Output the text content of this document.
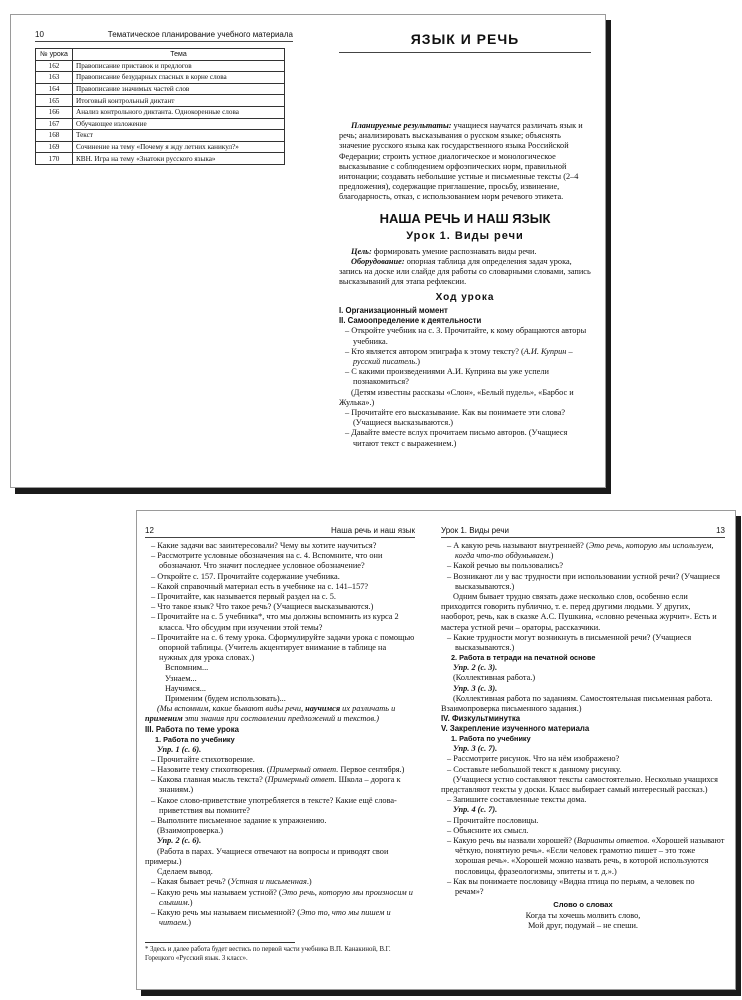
10	Тематическое планирование учебного материала
№ урока	Тема
162	Правописание приставок и предлогов
163	Правописание безударных гласных в корне слова
164	Правописание значимых частей слов
165	Итоговый контрольный диктант
166	Анализ контрольного диктанта. Однокоренные слова
167	Обучающее изложение
168	Текст
169	Сочинение на тему «Почему я жду летних каникул?»
170	КВН. Игра на тему «Знатоки русского языка»
ЯЗЫК И РЕЧЬ

Планируемые результаты: учащиеся научатся различать язык и речь; анализировать высказывания о русском языке; объяснять значение русского языка как государственного языка Российской Федерации; строить устное диалогическое и монологическое высказывание с соблюдением орфоэпических норм, правильной интонации; создавать небольшие устные и письменные тексты (2–4 предложения), содержащие приглашение, просьбу, извинение, благодарность, отказ, с использованием норм речевого этикета.

НАША РЕЧЬ И НАШ ЯЗЫК
Урок 1. Виды речи

Цель: формировать умение распознавать виды речи.

Оборудование: опорная таблица для определения задач урока, запись на доске или слайде для работы со словарными словами, запись высказываний для этапа рефлексии.

Ход урока
I. Организационный момент
II. Самоопределение к деятельности

– Откройте учебник на с. 3. Прочитайте, к кому обращаются авторы учебника.

– Кто является автором эпиграфа к этому тексту? (А.И. Куприн – русский писатель.)

– С какими произведениями А.И. Куприна вы уже успели познакомиться?

(Детям известны рассказы «Слон», «Белый пудель», «Барбос и Жулька».)

– Прочитайте его высказывание. Как вы понимаете эти слова? (Учащиеся высказываются.)

– Давайте вместе вслух прочитаем письмо авторов. (Учащиеся читают текст с выражением.)

12	Наша речь и наш язык

– Какие задачи вас заинтересовали? Чему вы хотите научиться?

– Рассмотрите условные обозначения на с. 4. Вспомните, что они обозначают. Что значит последнее условное обозначение?

– Откройте с. 157. Прочитайте содержание учебника.

– Какой справочный материал есть в учебнике на с. 141–157?

– Прочитайте, как называется первый раздел на с. 5.

– Что такое язык? Что такое речь? (Учащиеся высказываются.)

– Прочитайте на с. 5 учебника*, что мы должны вспомнить из курса 2 класса. Что обсудим при изучении этой темы?

– Прочитайте на с. 6 тему урока. Сформулируйте задачи урока с помощью опорной таблицы. (Учитель акцентирует внимание в таблице на нужных для урока словах.)

Вспомним...

Узнаем...

Научимся...

Применим (будем использовать)...

(Мы вспомним, какие бывают виды речи, научимся их различать и применим эти знания при составлении предложений и текстов.)

III. Работа по теме урока
1. Работа по учебнику

Упр. 1 (с. 6).

– Прочитайте стихотворение.

– Назовите тему стихотворения. (Примерный ответ. Первое сентября.)

– Какова главная мысль текста? (Примерный ответ. Школа – дорога к знаниям.)

– Какое слово-приветствие употребляется в тексте? Какие ещё слова-приветствия вы помните?

– Выполните письменное задание к упражнению.

(Взаимопроверка.)

Упр. 2 (с. 6).

(Работа в парах. Учащиеся отвечают на вопросы и приводят свои примеры.)

Сделаем вывод.

– Какая бывает речь? (Устная и письменная.)

– Какую речь мы называем устной? (Это речь, которую мы произносим и слышим.)

– Какую речь мы называем письменной? (Это то, что мы пишем и читаем.)

* Здесь и далее работа будет вестись по первой части учебника В.П. Канакиной, В.Г. Горецкого «Русский язык. 3 класс».
Урок 1. Виды речи	13

– А какую речь называют внутренней? (Это речь, которую мы используем, когда что-то обдумываем.)

– Какой речью вы пользовались?

– Возникают ли у вас трудности при использовании устной речи? (Учащиеся высказываются.)

Одним бывает трудно связать даже несколько слов, особенно если приходится говорить публично, т. е. перед другими людьми. У других, наоборот, речь, как в сказке А.С. Пушкина, «словно реченька журчит». Есть и мастера устной речи – ораторы, рассказчики.

– Какие трудности могут возникнуть в письменной речи? (Учащиеся высказываются.)

2. Работа в тетради на печатной основе

Упр. 2 (с. 3).

(Коллективная работа.)

Упр. 3 (с. 3).

(Коллективная работа по заданиям. Самостоятельная письменная работа. Взаимопроверка письменного задания.)

IV. Физкультминутка
V. Закрепление изученного материала
1. Работа по учебнику

Упр. 3 (с. 7).

– Рассмотрите рисунок. Что на нём изображено?

– Составьте небольшой текст к данному рисунку.

(Учащиеся устно составляют тексты самостоятельно. Несколько учащихся представляют тексты у доски. Класс выбирает самый интересный рассказ.)

– Запишите составленные тексты дома.

Упр. 4 (с. 7).

– Прочитайте пословицы.

– Объясните их смысл.

– Какую речь вы назвали хорошей? (Варианты ответов. «Хорошей называют чёткую, понятную речь». «Если человек грамотно пишет – это тоже хорошая речь». «Хорошей можно назвать речь, в которой используются пословицы, фразеологизмы, эпитеты и т. д.».)

– Как вы понимаете пословицу «Видна птица по перьям, а человек по речам»?

Слово о словах

Когда ты хочешь молвить слово,

Мой друг, подумай – не спеши.
